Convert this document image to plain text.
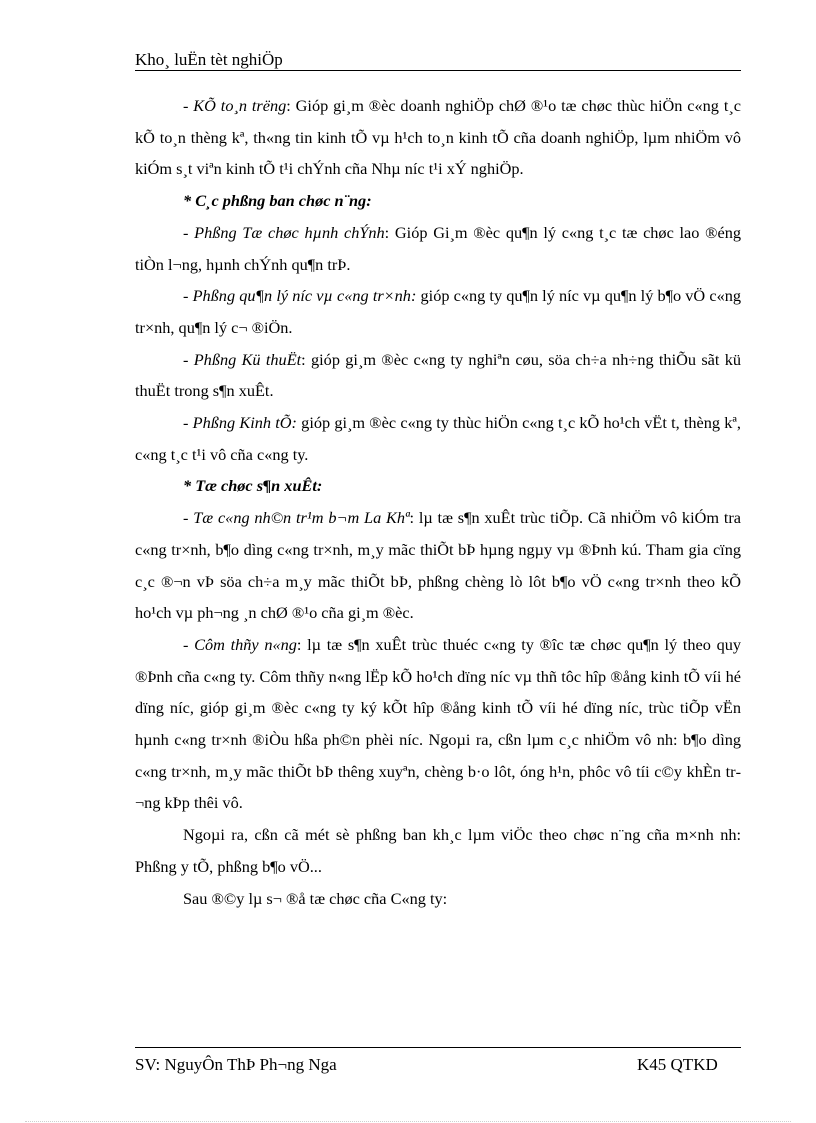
Kho¸ luËn tèt nghiÖp

- KÕ to¸n trëng: Gióp gi¸m ®èc doanh nghiÖp chØ ®¹o tæ chøc thùc hiÖn c«ng t¸c kÕ to¸n thèng kª, th«ng tin kinh tÕ vµ h¹ch to¸n kinh tÕ cña doanh nghiÖp, lµm nhiÖm vô kiÓm s¸t viªn kinh tÕ t¹i chÝnh cña Nhµ níc t¹i xÝ nghiÖp.

* C¸c phßng ban chøc n¨ng:

- Phßng Tæ chøc hµnh chÝnh: Gióp Gi¸m ®èc qu¶n lý c«ng t¸c tæ chøc lao ®éng tiÒn l¬ng, hµnh chÝnh qu¶n trÞ.

- Phßng qu¶n lý níc vµ c«ng tr×nh: gióp c«ng ty qu¶n lý níc vµ qu¶n lý b¶o vÖ c«ng tr×nh, qu¶n lý c¬ ®iÖn.

- Phßng Kü thuËt: gióp gi¸m ®èc c«ng ty nghiªn cøu, söa ch÷a nh÷ng thiÕu sãt kü thuËt trong s¶n xuÊt.

- Phßng Kinh tÕ: gióp gi¸m ®èc c«ng ty thùc hiÖn c«ng t¸c kÕ ho¹ch vËt t, thèng kª, c«ng t¸c t¹i vô cña c«ng ty.

* Tæ chøc s¶n xuÊt:

- Tæ c«ng nh©n tr¹m b¬m La Khª: lµ tæ s¶n xuÊt trùc tiÕp. Cã nhiÖm vô kiÓm tra c«ng tr×nh, b¶o dìng c«ng tr×nh, m¸y mãc thiÕt bÞ hµng ngµy vµ ®Þnh kú. Tham gia cïng c¸c ®¬n vÞ söa ch÷a m¸y mãc thiÕt bÞ, phßng chèng lò lôt b¶o vÖ c«ng tr×nh theo kÕ ho¹ch vµ ph¬ng ¸n chØ ®¹o cña gi¸m ®èc.

- Côm thñy n«ng: lµ tæ s¶n xuÊt trùc thuéc c«ng ty ®îc tæ chøc qu¶n lý theo quy ®Þnh cña c«ng ty. Côm thñy n«ng lËp kÕ ho¹ch dïng níc vµ thñ tôc hîp ®ång kinh tÕ víi hé dïng níc, gióp gi¸m ®èc c«ng ty ký kÕt hîp ®ång kinh tÕ víi hé dïng níc, trùc tiÕp vËn hµnh c«ng tr×nh ®iÒu hßa ph©n phèi níc. Ngoµi ra, cßn lµm c¸c nhiÖm vô nh: b¶o dìng c«ng tr×nh, m¸y mãc thiÕt bÞ thêng xuyªn, chèng b·o lôt, óng h¹n, phôc vô tíi c©y khÈn tr¬ng kÞp thêi vô.

Ngoµi ra, cßn cã mét sè phßng ban kh¸c lµm viÖc theo chøc n¨ng cña m×nh nh: Phßng y tÕ, phßng b¶o vÖ...

Sau ®©y lµ s¬ ®å tæ chøc cña C«ng ty:

SV: NguyÔn ThÞ Ph¬ng Nga	K45 QTKD
